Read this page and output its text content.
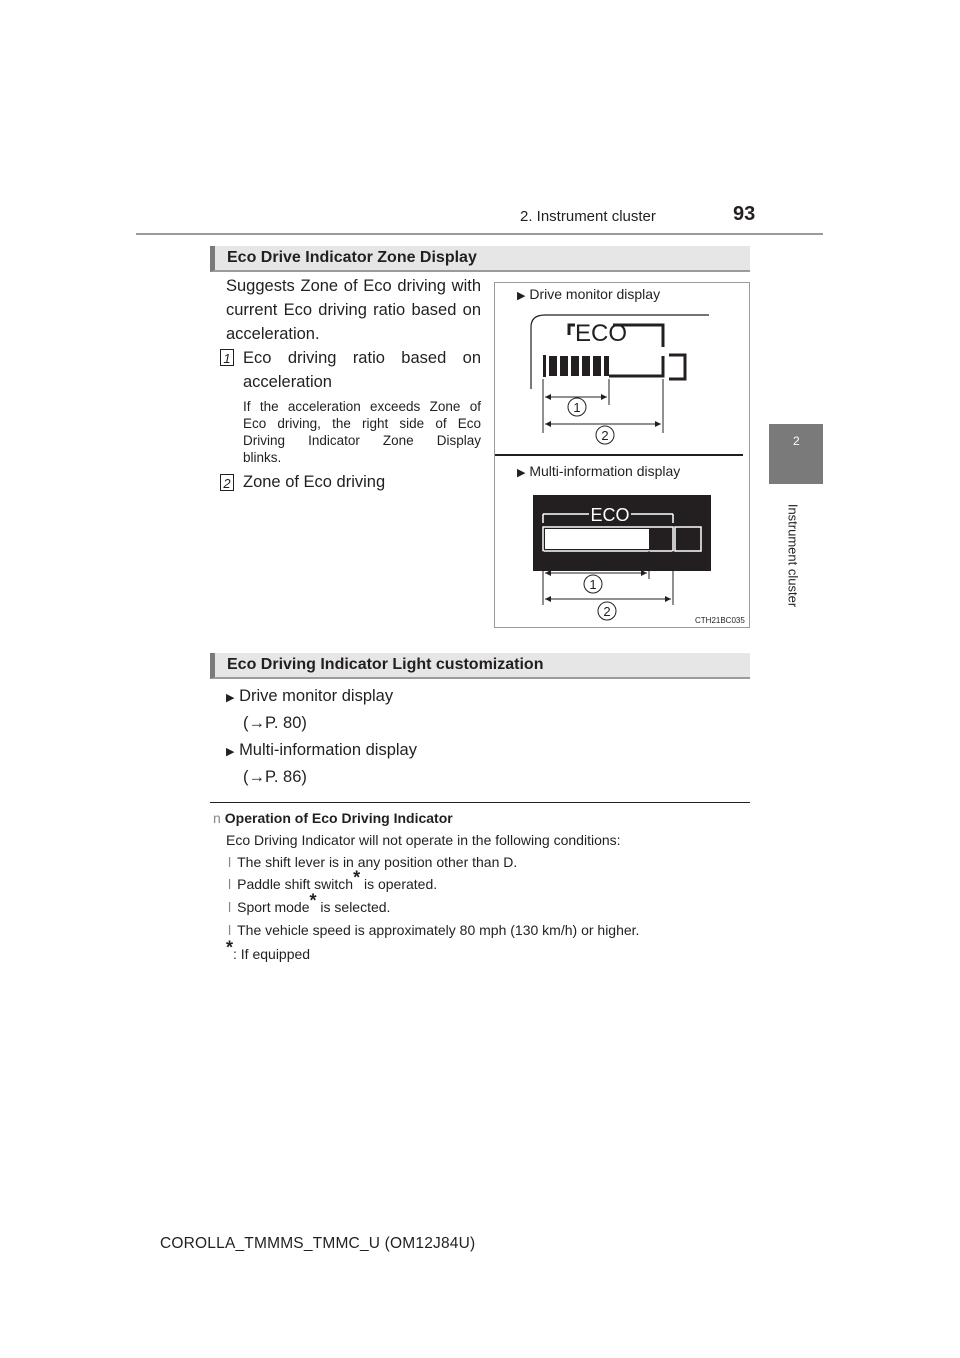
2. Instrument cluster	93
2
Instrument cluster
Eco Drive Indicator Zone Display
Suggests Zone of Eco driving with
current Eco driving ratio based on
acceleration.
1 Eco driving ratio based on
acceleration
If the acceleration exceeds Zone of
Eco driving, the right side of Eco
Driving Indicator Zone Display
blinks.
2 Zone of Eco driving
▶ Drive monitor display
ECO
1
2
ECO
1
2
CTH21BC035
▶ Multi-information display
Eco Driving Indicator Light customization
▶ Drive monitor display
(→P. 80)
▶ Multi-information display
(→P. 86)
n Operation of Eco Driving Indicator
Eco Driving Indicator will not operate in the following conditions:
l The shift lever is in any position other than D.
l Paddle shift switch* is operated.
l Sport mode* is selected.
l The vehicle speed is approximately 80 mph (130 km/h) or higher.
*: If equipped
COROLLA_TMMMS_TMMC_U (OM12J84U)
